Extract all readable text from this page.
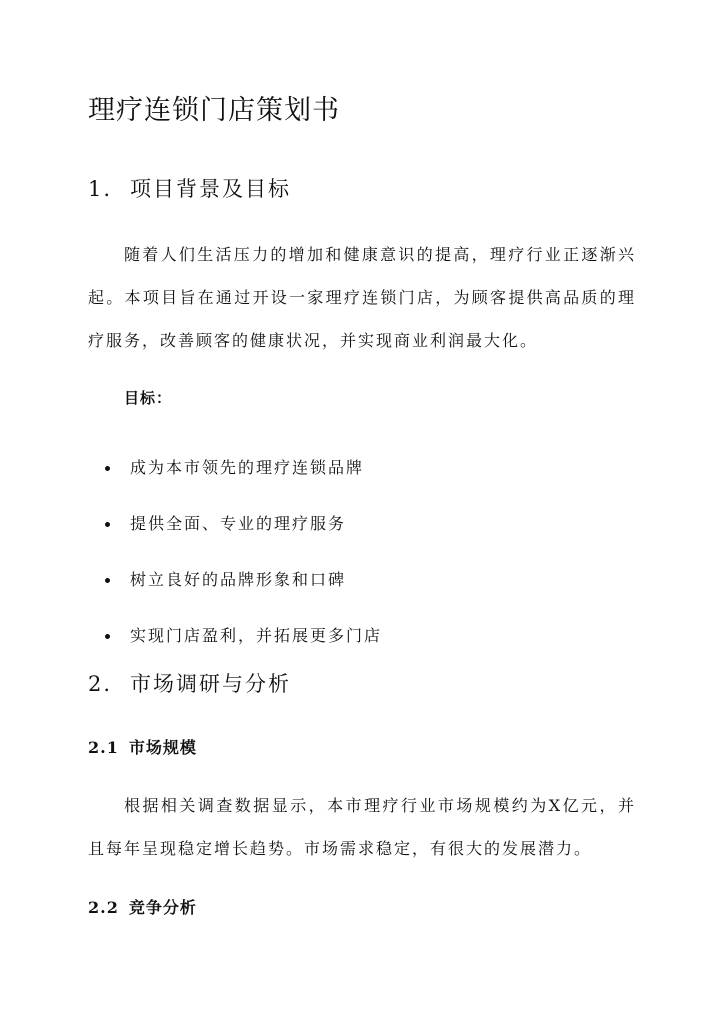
理疗连锁门店策划书
1. 项目背景及目标

随着人们生活压力的增加和健康意识的提高，理疗行业正逐渐兴起。本项目旨在通过开设一家理疗连锁门店，为顾客提供高品质的理疗服务，改善顾客的健康状况，并实现商业利润最大化。

目标：
成为本市领先的理疗连锁品牌
提供全面、专业的理疗服务
树立良好的品牌形象和口碑
实现门店盈利，并拓展更多门店
2. 市场调研与分析
2.1 市场规模

根据相关调查数据显示，本市理疗行业市场规模约为X亿元，并且每年呈现稳定增长趋势。市场需求稳定，有很大的发展潜力。

2.2 竞争分析
